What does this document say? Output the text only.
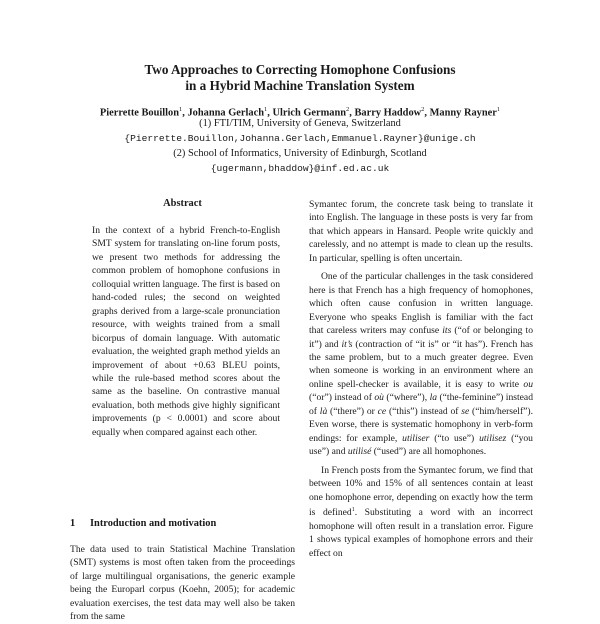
Two Approaches to Correcting Homophone Confusions
in a Hybrid Machine Translation System
Pierrette Bouillon$^1$, Johanna Gerlach$^1$, Ulrich Germann$^2$, Barry Haddow$^2$, Manny Rayner$^1$
(1) FTI/TIM, University of Geneva, Switzerland
{Pierrette.Bouillon,Johanna.Gerlach,Emmanuel.Rayner}@unige.ch
(2) School of Informatics, University of Edinburgh, Scotland
{ugermann,bhaddow}@inf.ed.ac.uk
Abstract

In the context of a hybrid French-to-English SMT system for translating on-line forum posts, we present two methods for addressing the common problem of homophone confusions in colloquial written language. The first is based on hand-coded rules; the second on weighted graphs derived from a large-scale pronunciation resource, with weights trained from a small bicorpus of domain language. With automatic evaluation, the weighted graph method yields an improvement of about +0.63 BLEU points, while the rule-based method scores about the same as the baseline. On contrastive manual evaluation, both methods give highly significant improvements (p < 0.0001) and score about equally when compared against each other.

1 Introduction and motivation

The data used to train Statistical Machine Translation (SMT) systems is most often taken from the proceedings of large multilingual organisations, the generic example being the Europarl corpus (Koehn, 2005); for academic evaluation exercises, the test data may well also be taken from the same

Symantec forum, the concrete task being to translate it into English. The language in these posts is very far from that which appears in Hansard. People write quickly and carelessly, and no attempt is made to clean up the results. In particular, spelling is often uncertain.

One of the particular challenges in the task considered here is that French has a high frequency of homophones, which often cause confusion in written language. Everyone who speaks English is familiar with the fact that careless writers may confuse its (“of or belonging to it”) and it’s (contraction of “it is” or “it has”). French has the same problem, but to a much greater degree. Even when someone is working in an environment where an online spell-checker is available, it is easy to write ou (“or”) instead of où (“where”), la (“the-feminine”) instead of là (“there”) or ce (“this”) instead of se (“him/herself”). Even worse, there is systematic homophony in verb-form endings: for example, utiliser (“to use”) utilisez (“you use”) and utilisé (“used”) are all homophones.

In French posts from the Symantec forum, we find that between 10% and 15% of all sentences contain at least one homophone error, depending on exactly how the term is defined$^1$. Substituting a word with an incorrect homophone will often result in a translation error. Figure 1 shows typical examples of homophone errors and their effect on
